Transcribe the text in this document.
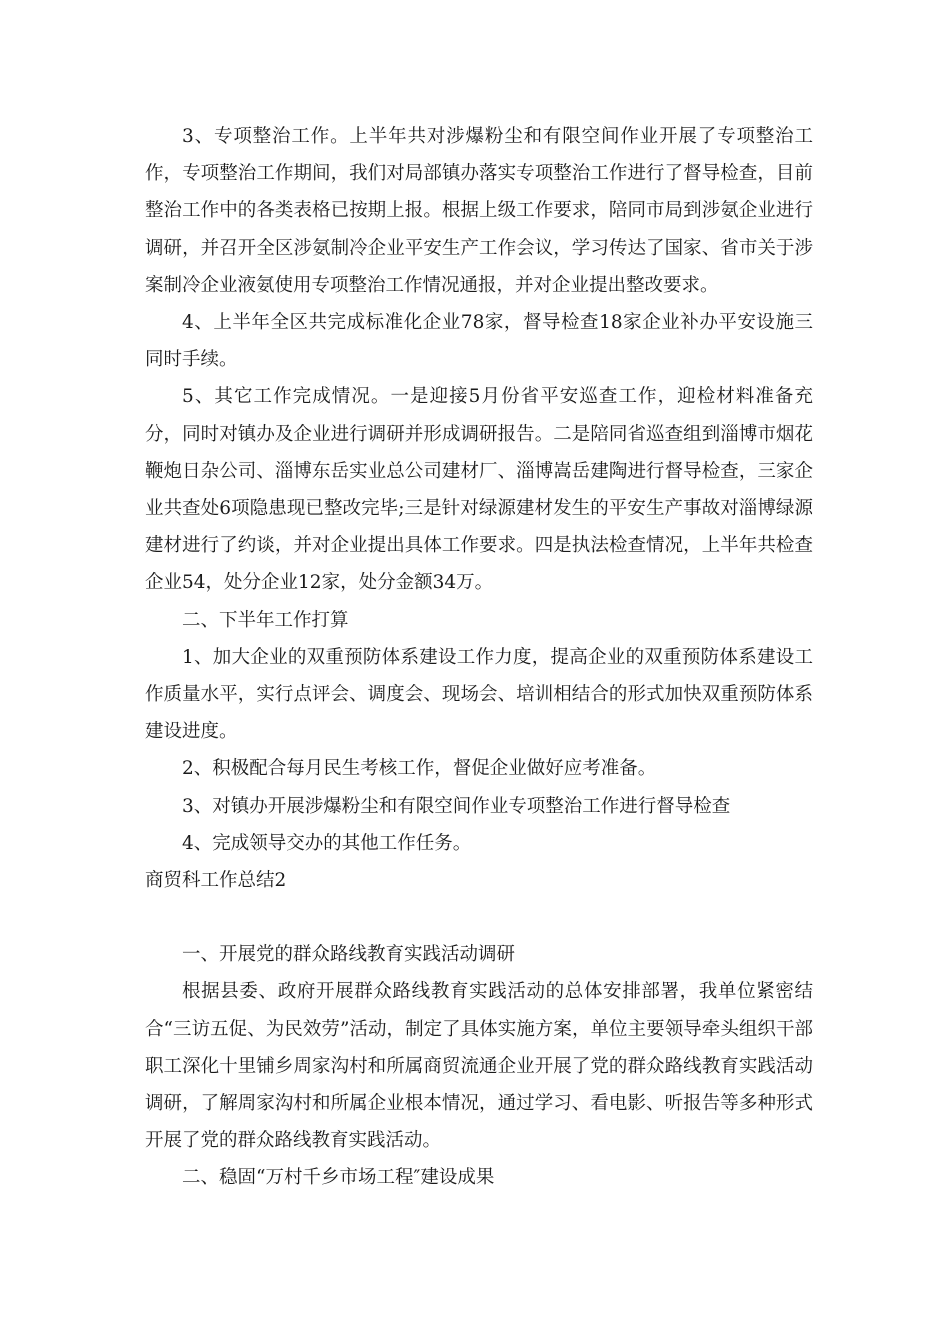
3、专项整治工作。上半年共对涉爆粉尘和有限空间作业开展了专项整治工作，专项整治工作期间，我们对局部镇办落实专项整治工作进行了督导检查，目前整治工作中的各类表格已按期上报。根据上级工作要求，陪同市局到涉氨企业进行调研，并召开全区涉氨制冷企业平安生产工作会议，学习传达了国家、省市关于涉案制冷企业液氨使用专项整治工作情况通报，并对企业提出整改要求。

4、上半年全区共完成标准化企业78家，督导检查18家企业补办平安设施三同时手续。

5、其它工作完成情况。一是迎接5月份省平安巡查工作，迎检材料准备充分，同时对镇办及企业进行调研并形成调研报告。二是陪同省巡查组到淄博市烟花鞭炮日杂公司、淄博东岳实业总公司建材厂、淄博嵩岳建陶进行督导检查，三家企业共查处6项隐患现已整改完毕;三是针对绿源建材发生的平安生产事故对淄博绿源建材进行了约谈，并对企业提出具体工作要求。四是执法检查情况，上半年共检查企业54，处分企业12家，处分金额34万。

二、下半年工作打算

1、加大企业的双重预防体系建设工作力度，提高企业的双重预防体系建设工作质量水平，实行点评会、调度会、现场会、培训相结合的形式加快双重预防体系建设进度。

2、积极配合每月民生考核工作，督促企业做好应考准备。

3、对镇办开展涉爆粉尘和有限空间作业专项整治工作进行督导检查

4、完成领导交办的其他工作任务。

商贸科工作总结2

一、开展党的群众路线教育实践活动调研

根据县委、政府开展群众路线教育实践活动的总体安排部署，我单位紧密结合“三访五促、为民效劳”活动，制定了具体实施方案，单位主要领导牵头组织干部职工深化十里铺乡周家沟村和所属商贸流通企业开展了党的群众路线教育实践活动调研，了解周家沟村和所属企业根本情况，通过学习、看电影、听报告等多种形式开展了党的群众路线教育实践活动。

二、稳固“万村千乡市场工程″建设成果
